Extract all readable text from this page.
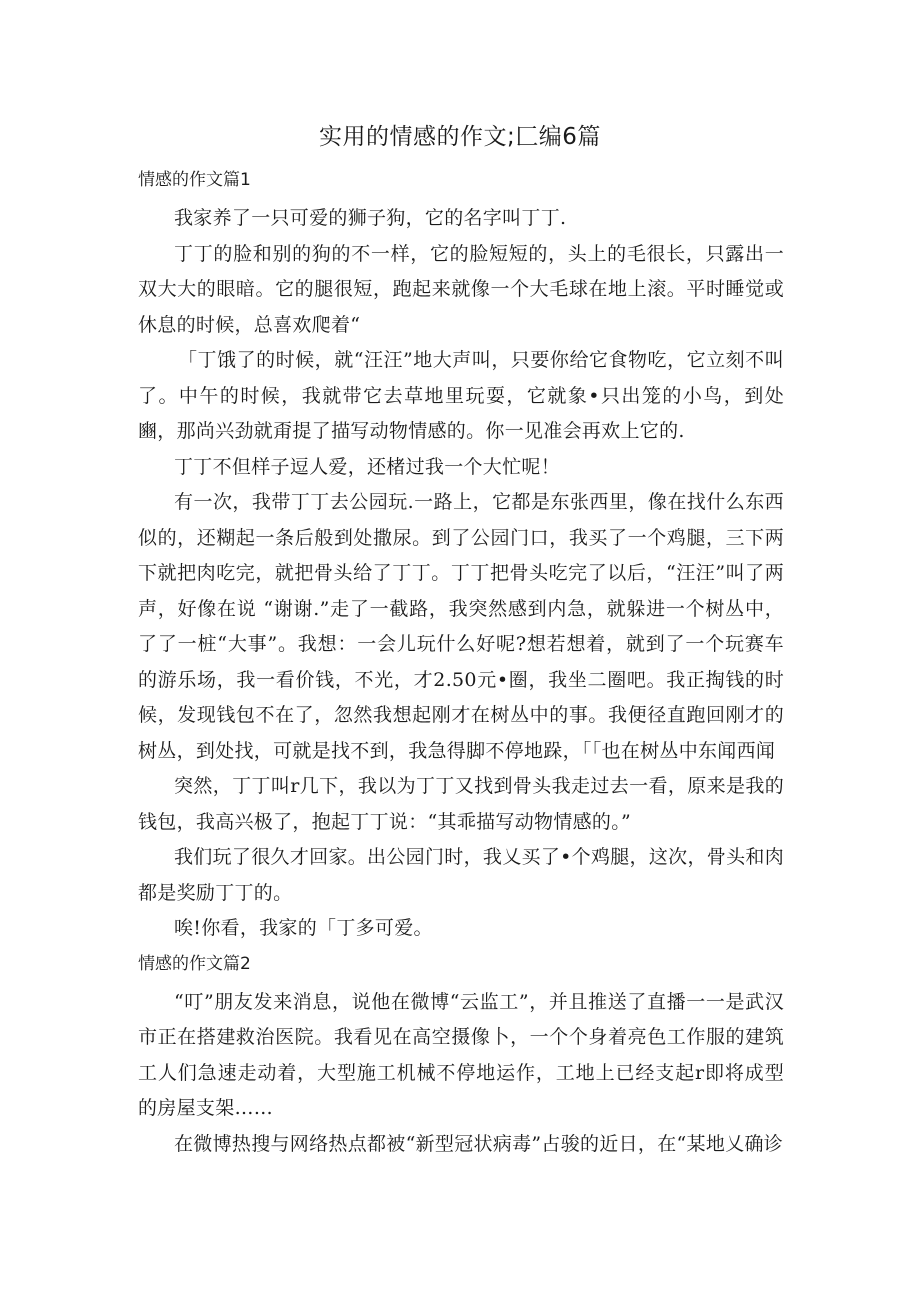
实用的情感的作文;匚编6篇
情感的作文篇1

我家养了一只可爱的狮子狗，它的名字叫丁丁.

丁丁的脸和别的狗的不一样，它的脸短短的，头上的毛很长，只露出一双大大的眼暗。它的腿很短，跑起来就像一个大毛球在地上滚。平时睡觉或休息的时候，总喜欢爬着“

「丁饿了的时候，就“汪汪”地大声叫，只要你给它食物吃，它立刻不叫了。中午的时候，我就带它去草地里玩耍，它就象•只出笼的小鸟，到处豳，那尚兴劲就甭提了描写动物情感的。你一见准会再欢上它的.

丁丁不但样子逗人爱，还楮过我一个大忙呢！

有一次，我带丁丁去公园玩.一路上，它都是东张西里，像在找什么东西似的，还糊起一条后般到处撒尿。到了公园门口，我买了一个鸡腿，三下两下就把肉吃完，就把骨头给了丁丁。丁丁把骨头吃完了以后，“汪汪”叫了两声，好像在说 “谢谢.”走了一截路，我突然感到内急，就躲进一个树丛中，了了一桩“大事”。我想：一会儿玩什么好呢?想若想着，就到了一个玩赛车的游乐场，我一看价钱，不光，才2.50元•圈，我坐二圈吧。我正掏钱的时候，发现钱包不在了，忽然我想起刚才在树丛中的事。我便径直跑回刚才的树丛，到处找，可就是找不到，我急得脚不停地跺，「「也在树丛中东闻西闻

突然，丁丁叫r几下，我以为丁丁又找到骨头我走过去一看，原来是我的钱包，我高兴极了，抱起丁丁说：“其乖描写动物情感的。”

我们玩了很久才回家。出公园门时，我乂买了•个鸡腿，这次，骨头和肉都是奖励丁丁的。

唉!你看，我家的「丁多可爱。

情感的作文篇2

“叮”朋友发来消息，说他在微博“云监工”，并且推送了直播一一是武汉市正在搭建救治医院。我看见在高空摄像卜，一个个身着亮色工作服的建筑工人们急速走动着，大型施工机械不停地运作，工地上已经支起r即将成型的房屋支架……

在微博热搜与网络热点都被“新型冠状病毒”占骏的近日，在“某地乂确诊
